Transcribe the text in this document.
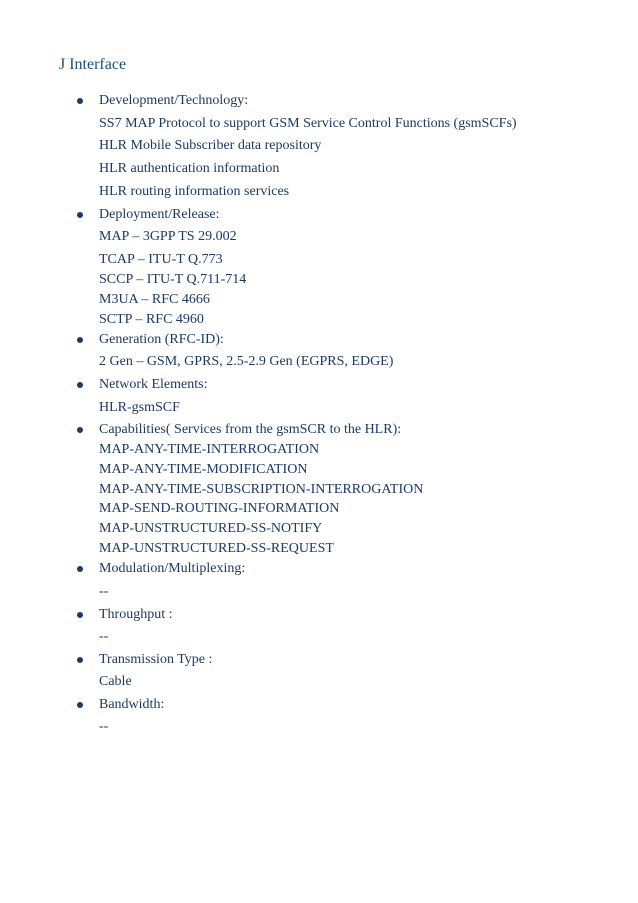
J Interface
Development/Technology:
SS7 MAP Protocol to support GSM Service Control Functions (gsmSCFs)
HLR Mobile Subscriber data repository
HLR authentication information
HLR routing information services
Deployment/Release:
MAP – 3GPP TS 29.002
TCAP – ITU-T Q.773
SCCP – ITU-T Q.711-714
M3UA – RFC 4666
SCTP – RFC 4960
Generation (RFC-ID):
2 Gen – GSM, GPRS, 2.5-2.9 Gen (EGPRS, EDGE)
Network Elements:
HLR-gsmSCF
Capabilities( Services from the gsmSCR to the HLR):
MAP-ANY-TIME-INTERROGATION
MAP-ANY-TIME-MODIFICATION
MAP-ANY-TIME-SUBSCRIPTION-INTERROGATION
MAP-SEND-ROUTING-INFORMATION
MAP-UNSTRUCTURED-SS-NOTIFY
MAP-UNSTRUCTURED-SS-REQUEST
Modulation/Multiplexing:
--
Throughput :
--
Transmission Type :
Cable
Bandwidth:
--
